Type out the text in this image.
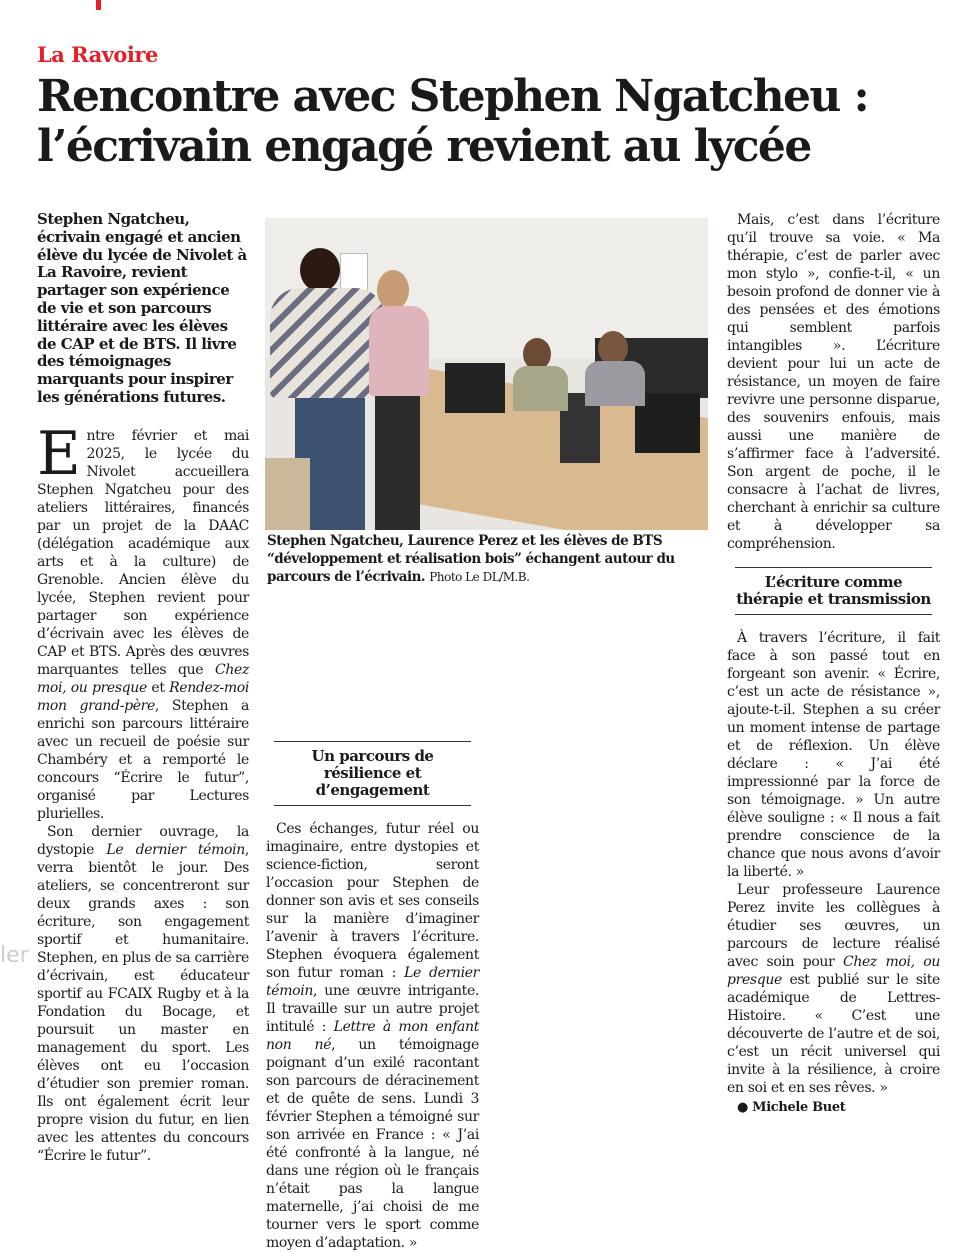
La Ravoire
Rencontre avec Stephen Ngatcheu : l’écrivain engagé revient au lycée

Stephen Ngatcheu, écrivain engagé et ancien élève du lycée de Nivolet à La Ravoire, revient partager son expérience de vie et son parcours littéraire avec les élèves de CAP et de BTS. Il livre des témoignages marquants pour inspirer les générations futures.

Entre février et mai 2025, le lycée du Nivolet accueillera Stephen Ngatcheu pour des ateliers littéraires, financés par un projet de la DAAC (délégation académique aux arts et à la culture) de Grenoble. Ancien élève du lycée, Stephen revient pour partager son expérience d’écrivain avec les élèves de CAP et BTS. Après des œuvres marquantes telles que Chez moi, ou presque et Rendez-moi mon grand-père, Stephen a enrichi son parcours littéraire avec un recueil de poésie sur Chambéry et a remporté le concours “Écrire le futur”, organisé par Lectures plurielles.

Son dernier ouvrage, la dystopie Le dernier témoin, verra bientôt le jour. Des ateliers, se concentreront sur deux grands axes : son écriture, son engagement sportif et humanitaire. Stephen, en plus de sa carrière d’écrivain, est éducateur sportif au FCAIX Rugby et à la Fondation du Bocage, et poursuit un master en management du sport. Les élèves ont eu l’occasion d’étudier son premier roman. Ils ont également écrit leur propre vision du futur, en lien avec les attentes du concours “Écrire le futur”.

Stephen Ngatcheu, Laurence Perez et les élèves de BTS “développement et réalisation bois” échangent autour du parcours de l’écrivain. Photo Le DL/M.B.
Un parcours de résilience et d’engagement

Ces échanges, futur réel ou imaginaire, entre dystopies et science-fiction, seront l’occasion pour Stephen de donner son avis et ses conseils sur la manière d’imaginer l’avenir à travers l’écriture. Stephen évoquera également son futur roman : Le dernier témoin, une œuvre intrigante. Il travaille sur un autre projet intitulé : Lettre à mon enfant non né, un témoignage poignant d’un exilé racontant son parcours de déracinement et de quête de sens. Lundi 3 février Stephen a témoigné sur son arrivée en France : « J’ai été confronté à la langue, né dans une région où le français n’était pas la langue maternelle, j’ai choisi de me tourner vers le sport comme moyen d’adaptation. »

Mais, c’est dans l’écriture qu’il trouve sa voie. « Ma thérapie, c’est de parler avec mon stylo », confie-t-il, « un besoin profond de donner vie à des pensées et des émotions qui semblent parfois intangibles ». L’écriture devient pour lui un acte de résistance, un moyen de faire revivre une personne disparue, des souvenirs enfouis, mais aussi une manière de s’affirmer face à l’adversité. Son argent de poche, il le consacre à l’achat de livres, cherchant à enrichir sa culture et à développer sa compréhension.

L’écriture comme thérapie et transmission

À travers l’écriture, il fait face à son passé tout en forgeant son avenir. « Écrire, c’est un acte de résistance », ajoute-t-il. Stephen a su créer un moment intense de partage et de réflexion. Un élève déclare : « J’ai été impressionné par la force de son témoignage. » Un autre élève souligne : « Il nous a fait prendre conscience de la chance que nous avons d’avoir la liberté. »

Leur professeure Laurence Perez invite les collègues à étudier ses œuvres, un parcours de lecture réalisé avec soin pour Chez moi, ou presque est publié sur le site académique de Lettres-Histoire. « C’est une découverte de l’autre et de soi, c’est un récit universel qui invite à la résilience, à croire en soi et en ses rêves. »

● Michele Buet

ler
